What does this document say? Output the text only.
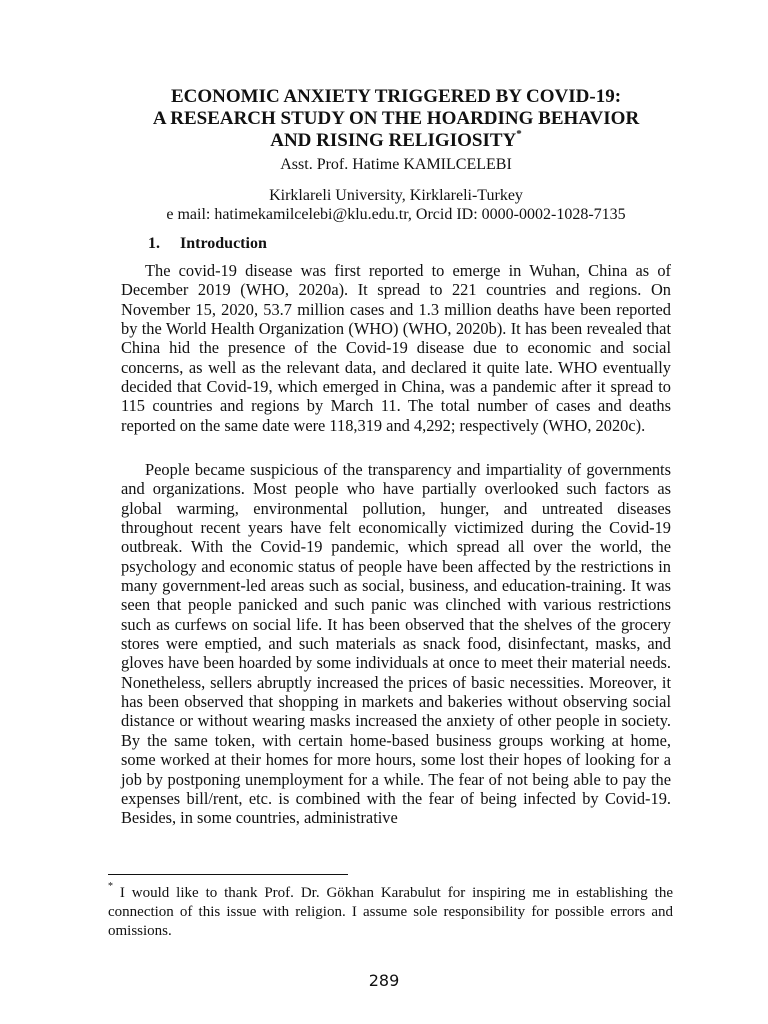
ECONOMIC ANXIETY TRIGGERED BY COVID-19:
A RESEARCH STUDY ON THE HOARDING BEHAVIOR
AND RISING RELIGIOSITY*

Asst. Prof. Hatime KAMILCELEBI

Kirklareli University, Kirklareli-Turkey

e mail: hatimekamilcelebi@klu.edu.tr, Orcid ID: 0000-0002-1028-7135

1. Introduction

The covid-19 disease was first reported to emerge in Wuhan, China as of December 2019 (WHO, 2020a). It spread to 221 countries and regions. On November 15, 2020, 53.7 million cases and 1.3 million deaths have been reported by the World Health Organization (WHO) (WHO, 2020b). It has been revealed that China hid the presence of the Covid-19 disease due to economic and social concerns, as well as the relevant data, and declared it quite late. WHO eventually decided that Covid-19, which emerged in China, was a pandemic after it spread to 115 countries and regions by March 11. The total number of cases and deaths reported on the same date were 118,319 and 4,292; respectively (WHO, 2020c).

People became suspicious of the transparency and impartiality of governments and organizations. Most people who have partially overlooked such factors as global warming, environmental pollution, hunger, and untreated diseases throughout recent years have felt economically victimized during the Covid-19 outbreak. With the Covid-19 pandemic, which spread all over the world, the psychology and economic status of people have been affected by the restrictions in many government-led areas such as social, business, and education-training. It was seen that people panicked and such panic was clinched with various restrictions such as curfews on social life. It has been observed that the shelves of the grocery stores were emptied, and such materials as snack food, disinfectant, masks, and gloves have been hoarded by some individuals at once to meet their material needs. Nonetheless, sellers abruptly increased the prices of basic necessities. Moreover, it has been observed that shopping in markets and bakeries without observing social distance or without wearing masks increased the anxiety of other people in society. By the same token, with certain home-based business groups working at home, some worked at their homes for more hours, some lost their hopes of looking for a job by postponing unemployment for a while. The fear of not being able to pay the expenses bill/rent, etc. is combined with the fear of being infected by Covid-19. Besides, in some countries, administrative

* I would like to thank Prof. Dr. Gökhan Karabulut for inspiring me in establishing the connection of this issue with religion. I assume sole responsibility for possible errors and omissions.

289
